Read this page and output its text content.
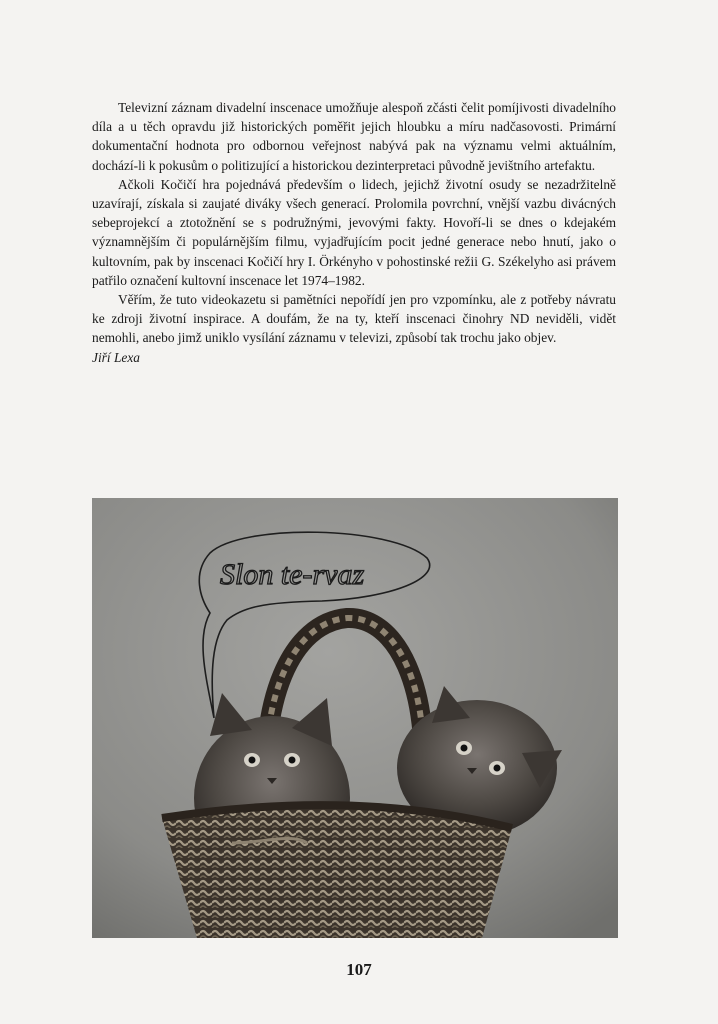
Televizní záznam divadelní inscenace umožňuje alespoň zčásti čelit pomíjivosti divadelního díla a u těch opravdu již historických poměřit jejich hloubku a míru nadčasovosti. Primární dokumentační hodnota pro odbornou veřejnost nabývá pak na významu velmi aktuálním, dochází-li k pokusům o politizující a historickou dezinterpretaci původně jevištního artefaktu.

Ačkoli Kočičí hra pojednává především o lidech, jejichž životní osudy se nezadržitelně uzavírají, získala si zaujaté diváky všech generací. Prolomila povrchní, vnější vazbu divácných sebeprojekcí a ztotožnění se s podružnými, jevovými fakty. Hovoří-li se dnes o kdejakém významnějším či populárnějším filmu, vyjadřujícím pocit jedné generace nebo hnutí, jako o kultovním, pak by inscenaci Kočičí hry I. Örkényho v pohostinské režii G. Székelyho asi právem patřilo označení kultovní inscenace let 1974–1982.

Věřím, že tuto videokazetu si pamětníci nepořídí jen pro vzpomínku, ale z potřeby návratu ke zdroji životní inspirace. A doufám, že na ty, kteří inscenaci činohry ND neviděli, vidět nemohli, anebo jimž uniklo vysílání záznamu v televizi, způsobí tak trochu jako objev.

Jiří Lexa

Slon te-rvaz
107
